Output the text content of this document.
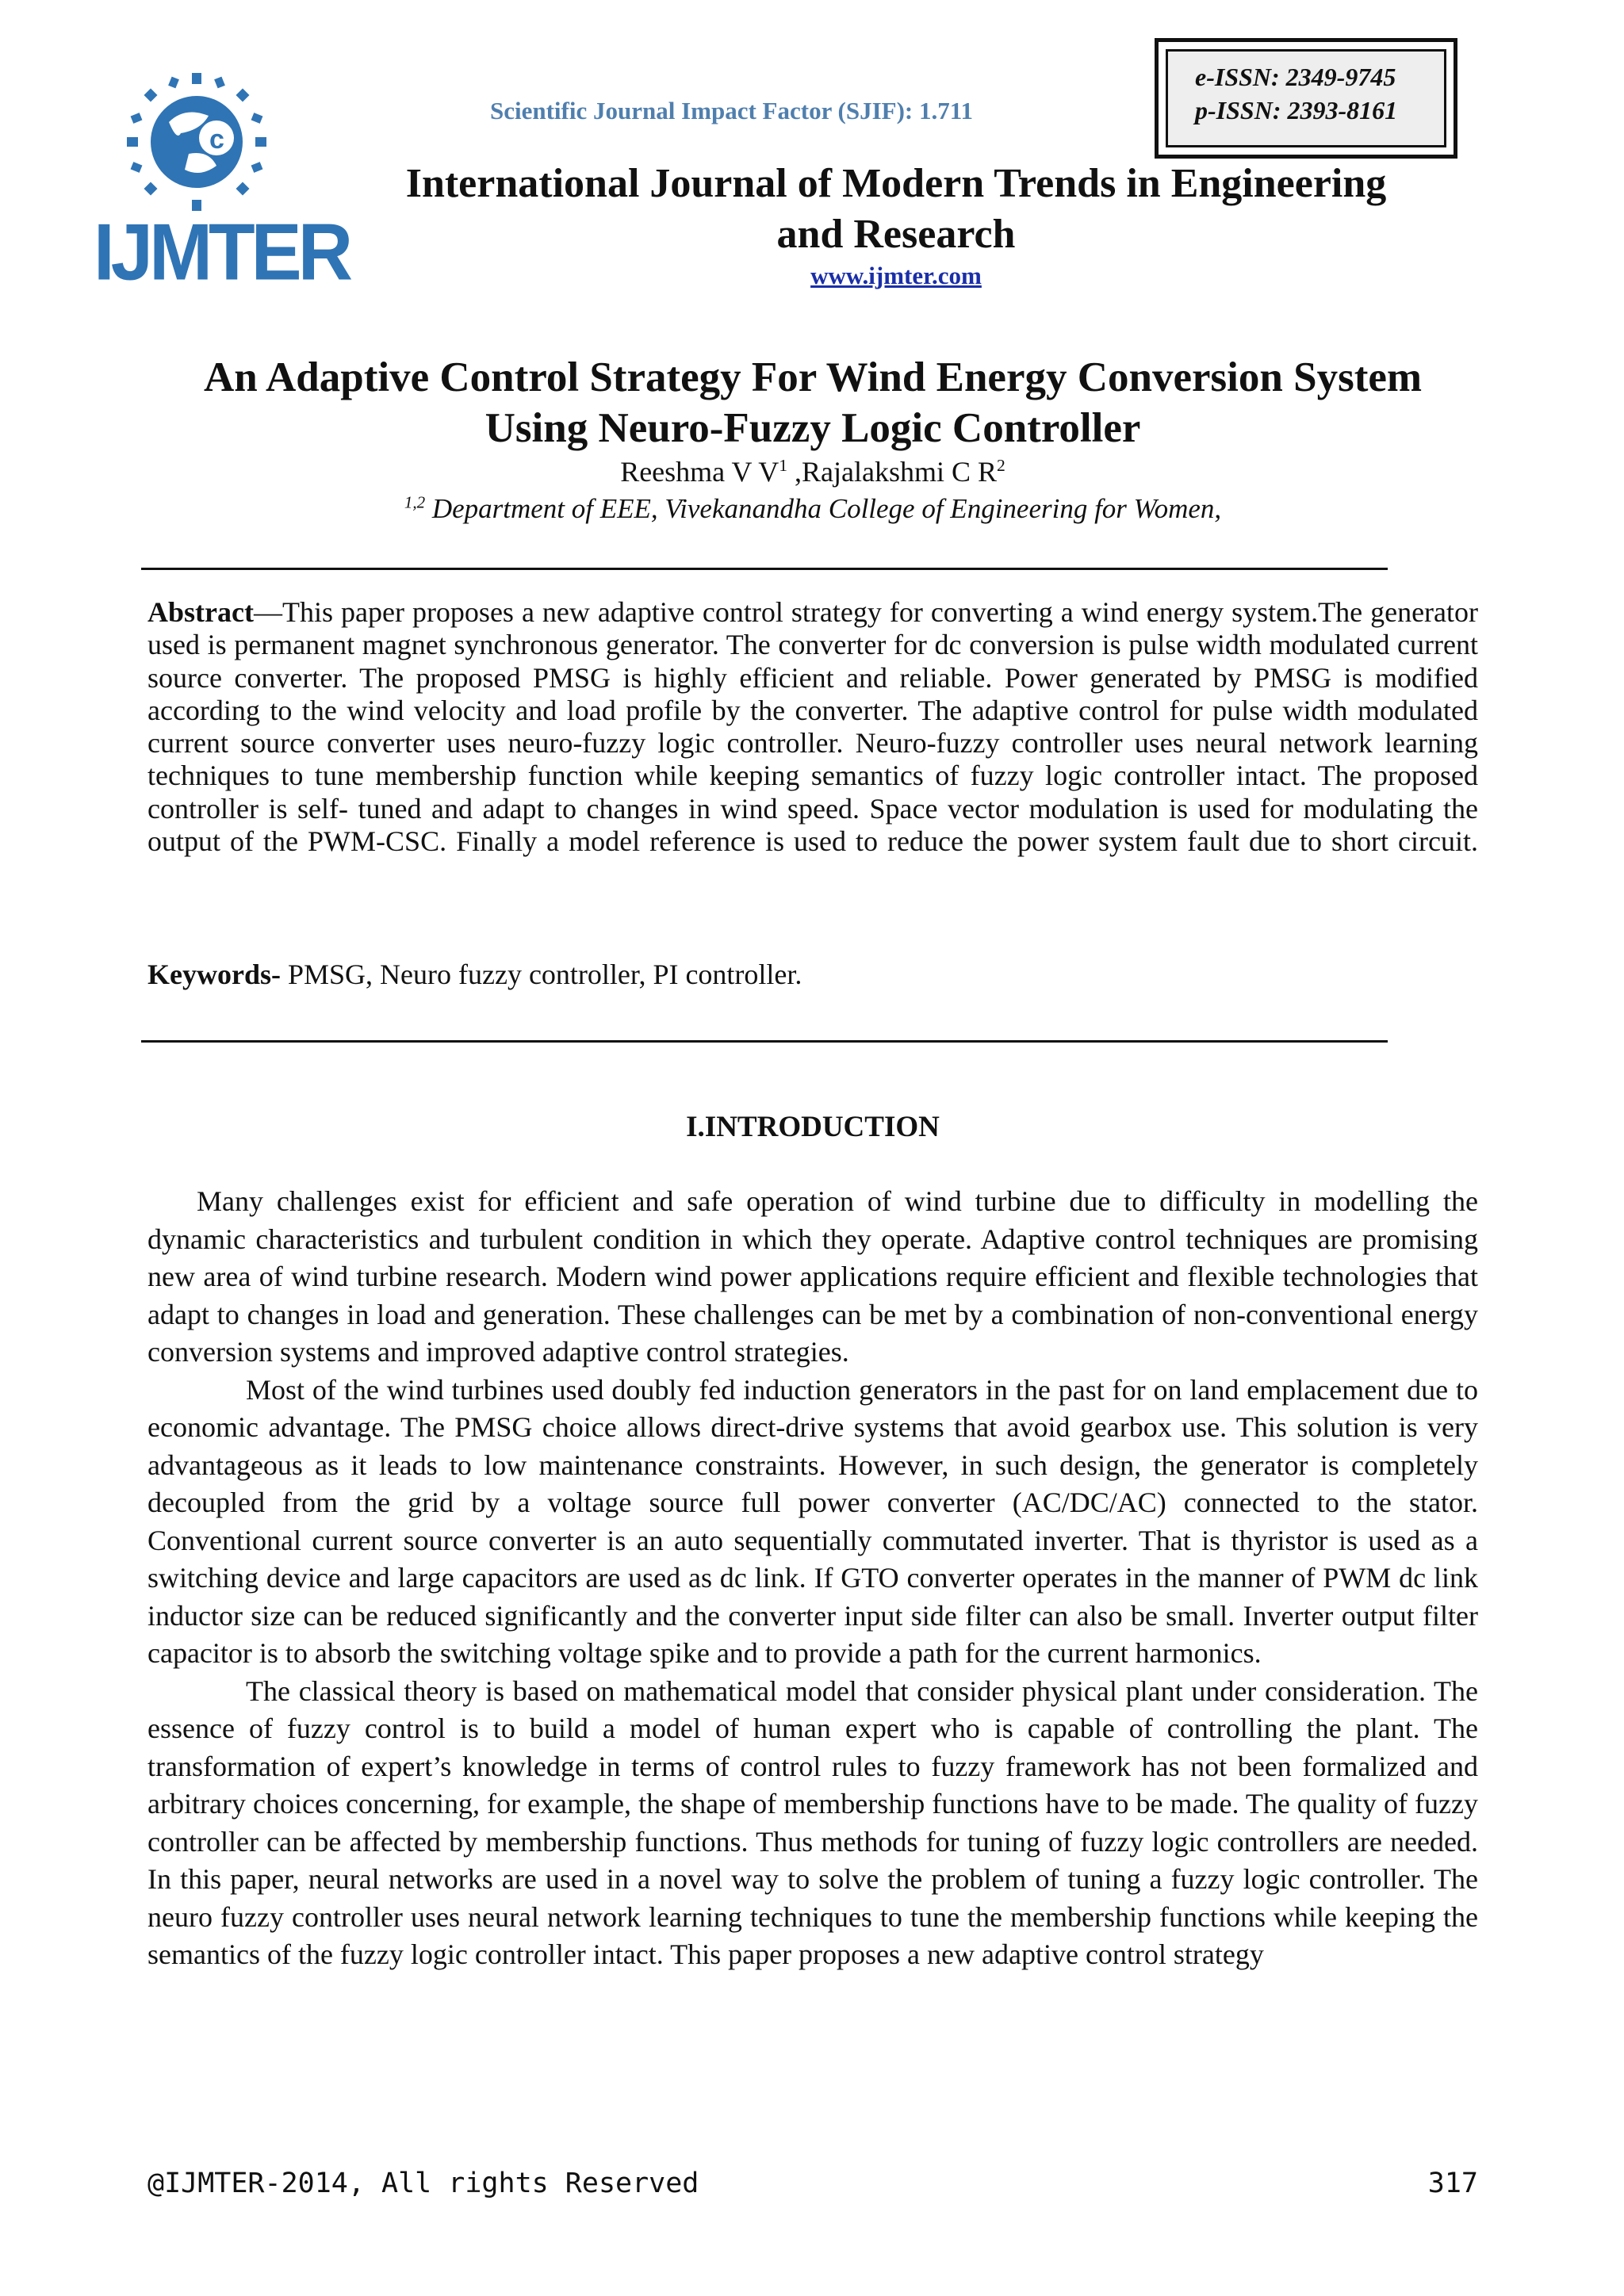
c
IJMTER
Scientific Journal Impact Factor (SJIF): 1.711
e-ISSN: 2349-9745
p-ISSN: 2393-8161
International Journal of Modern Trends in Engineering
and Research
www.ijmter.com
An Adaptive Control Strategy For Wind Energy Conversion System
Using Neuro-Fuzzy Logic Controller
Reeshma V $V^1$ ,Rajalakshmi C $R^2$
$^{1,2}$ Department of EEE, Vivekanandha College of Engineering for Women,
Abstract—This paper proposes a new adaptive control strategy for converting a wind energy system.The generator used is permanent magnet synchronous generator. The converter for dc conversion is pulse width modulated current source converter. The proposed PMSG is highly efficient and reliable. Power generated by PMSG is modified according to the wind velocity and load profile by the converter. The adaptive control for pulse width modulated current source converter uses neuro-fuzzy logic controller. Neuro-fuzzy controller uses neural network learning techniques to tune membership function while keeping semantics of fuzzy logic controller intact. The proposed controller is self- tuned and adapt to changes in wind speed. Space vector modulation is used for modulating the output of the PWM-CSC. Finally a model reference is used to reduce the power system fault due to short circuit.
Keywords- PMSG, Neuro fuzzy controller, PI controller.
I.INTRODUCTION

Many challenges exist for efficient and safe operation of wind turbine due to difficulty in modelling the dynamic characteristics and turbulent condition in which they operate. Adaptive control techniques are promising new area of wind turbine research. Modern wind power applications require efficient and flexible technologies that adapt to changes in load and generation. These challenges can be met by a combination of non-conventional energy conversion systems and improved adaptive control strategies.

Most of the wind turbines used doubly fed induction generators in the past for on land emplacement due to economic advantage. The PMSG choice allows direct-drive systems that avoid gearbox use. This solution is very advantageous as it leads to low maintenance constraints. However, in such design, the generator is completely decoupled from the grid by a voltage source full power converter (AC/DC/AC) connected to the stator. Conventional current source converter is an auto sequentially commutated inverter. That is thyristor is used as a switching device and large capacitors are used as dc link. If GTO converter operates in the manner of PWM dc link inductor size can be reduced significantly and the converter input side filter can also be small. Inverter output filter capacitor is to absorb the switching voltage spike and to provide a path for the current harmonics.

The classical theory is based on mathematical model that consider physical plant under consideration. The essence of fuzzy control is to build a model of human expert who is capable of controlling the plant. The transformation of expert’s knowledge in terms of control rules to fuzzy framework has not been formalized and arbitrary choices concerning, for example, the shape of membership functions have to be made. The quality of fuzzy controller can be affected by membership functions. Thus methods for tuning of fuzzy logic controllers are needed. In this paper, neural networks are used in a novel way to solve the problem of tuning a fuzzy logic controller. The neuro fuzzy controller uses neural network learning techniques to tune the membership functions while keeping the semantics of the fuzzy logic controller intact. This paper proposes a new adaptive control strategy

@IJMTER-2014, All rights Reserved	317
